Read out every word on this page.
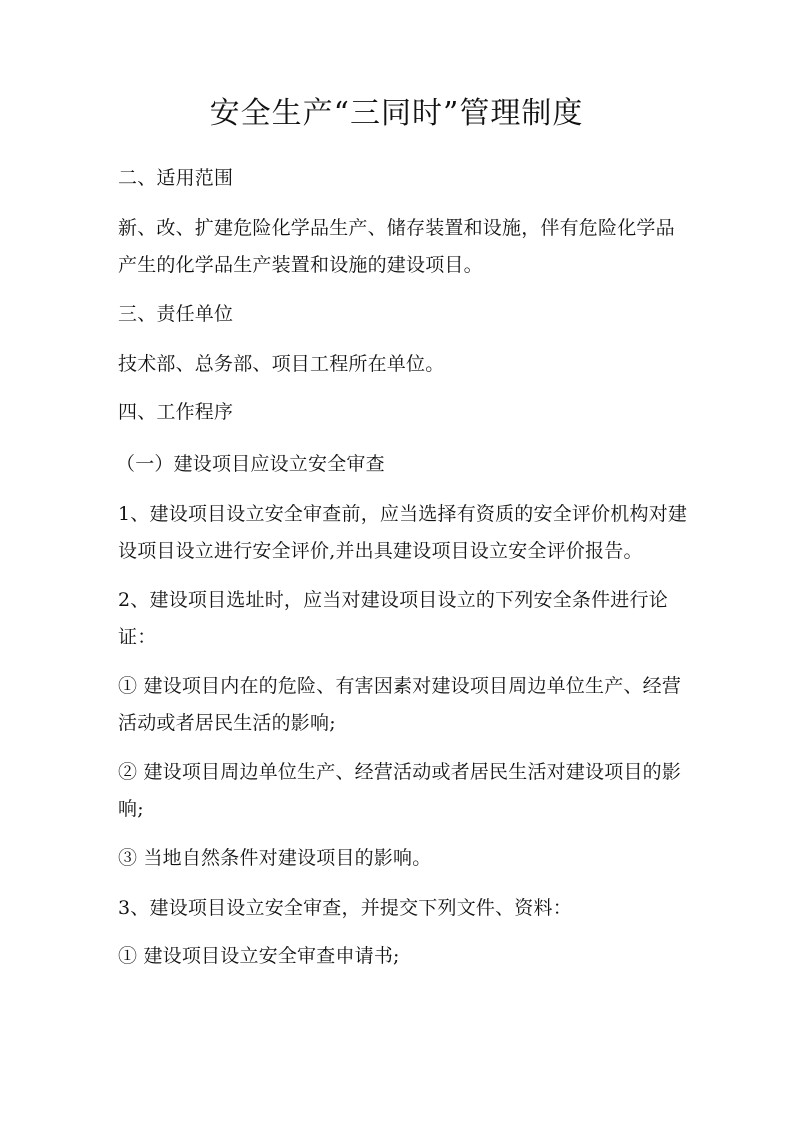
安全生产“三同时”管理制度
二、适用范围
新、改、扩建危险化学品生产、储存装置和设施，伴有危险化学品
产生的化学品生产装置和设施的建设项目。
三、责任单位
技术部、总务部、项目工程所在单位。
四、工作程序
（一）建设项目应设立安全审查
1、建设项目设立安全审查前，应当选择有资质的安全评价机构对建
设项目设立进行安全评价,并出具建设项目设立安全评价报告。
2、建设项目选址时，应当对建设项目设立的下列安全条件进行论
证：
① 建设项目内在的危险、有害因素对建设项目周边单位生产、经营
活动或者居民生活的影响;
② 建设项目周边单位生产、经营活动或者居民生活对建设项目的影
响;
③ 当地自然条件对建设项目的影响。
3、建设项目设立安全审查，并提交下列文件、资料：
① 建设项目设立安全审查申请书;
